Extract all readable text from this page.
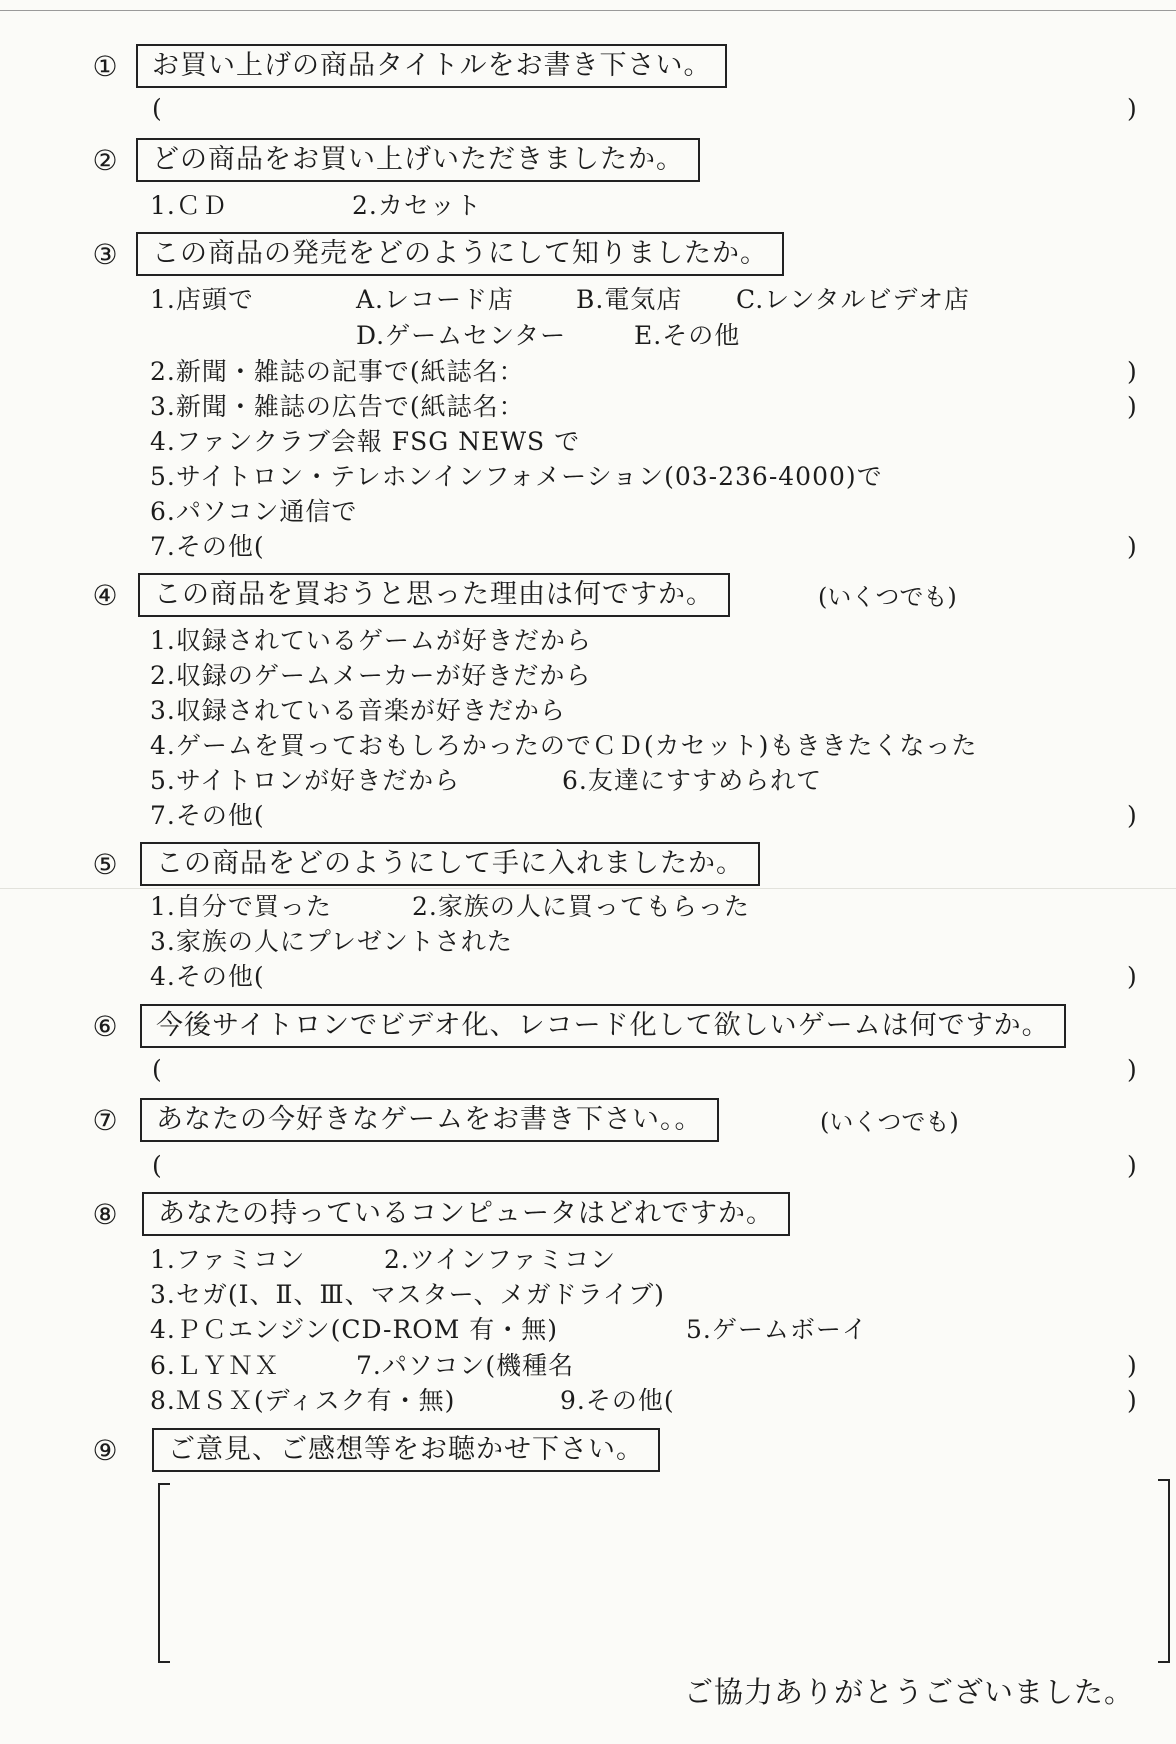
①	お買い上げの商品タイトルをお書き下さい。
(	)
②	どの商品をお買い上げいただきましたか。
1.ＣＤ	2.カセット
③	この商品の発売をどのようにして知りましたか。
1.店頭で	A.レコード店 B.電気店 C.レンタルビデオ店
D.ゲームセンター	E.その他
2.新聞・雑誌の記事で(紙誌名：	)
3.新聞・雑誌の広告で(紙誌名：	)
4.ファンクラブ会報 FSG NEWS で
5.サイトロン・テレホンインフォメーション(03-236-4000)で
6.パソコン通信で
7.その他(	)
④	この商品を買おうと思った理由は何ですか。	(いくつでも)
1.収録されているゲームが好きだから
2.収録のゲームメーカーが好きだから
3.収録されている音楽が好きだから
4.ゲームを買っておもしろかったのでＣＤ(カセット)もききたくなった
5.サイトロンが好きだから	6.友達にすすめられて
7.その他(	)
⑤	この商品をどのようにして手に入れましたか。
1.自分で買った	2.家族の人に買ってもらった
3.家族の人にプレゼントされた
4.その他(	)
⑥	今後サイトロンでビデオ化、レコード化して欲しいゲームは何ですか。
(	)
⑦	あなたの今好きなゲームをお書き下さい。。	(いくつでも)
(	)
⑧	あなたの持っているコンピュータはどれですか。
1.ファミコン	2.ツインファミコン
3.セガ(Ⅰ、Ⅱ、Ⅲ、マスター、メガドライブ)
4.ＰＣエンジン(CD-ROM 有・無)	5.ゲームボーイ
6.ＬＹＮＸ	7.パソコン(機種名	)
8.ＭＳＸ(ディスク有・無)	9.その他(	)
⑨	ご意見、ご感想等をお聴かせ下さい。
ご協力ありがとうございました。
